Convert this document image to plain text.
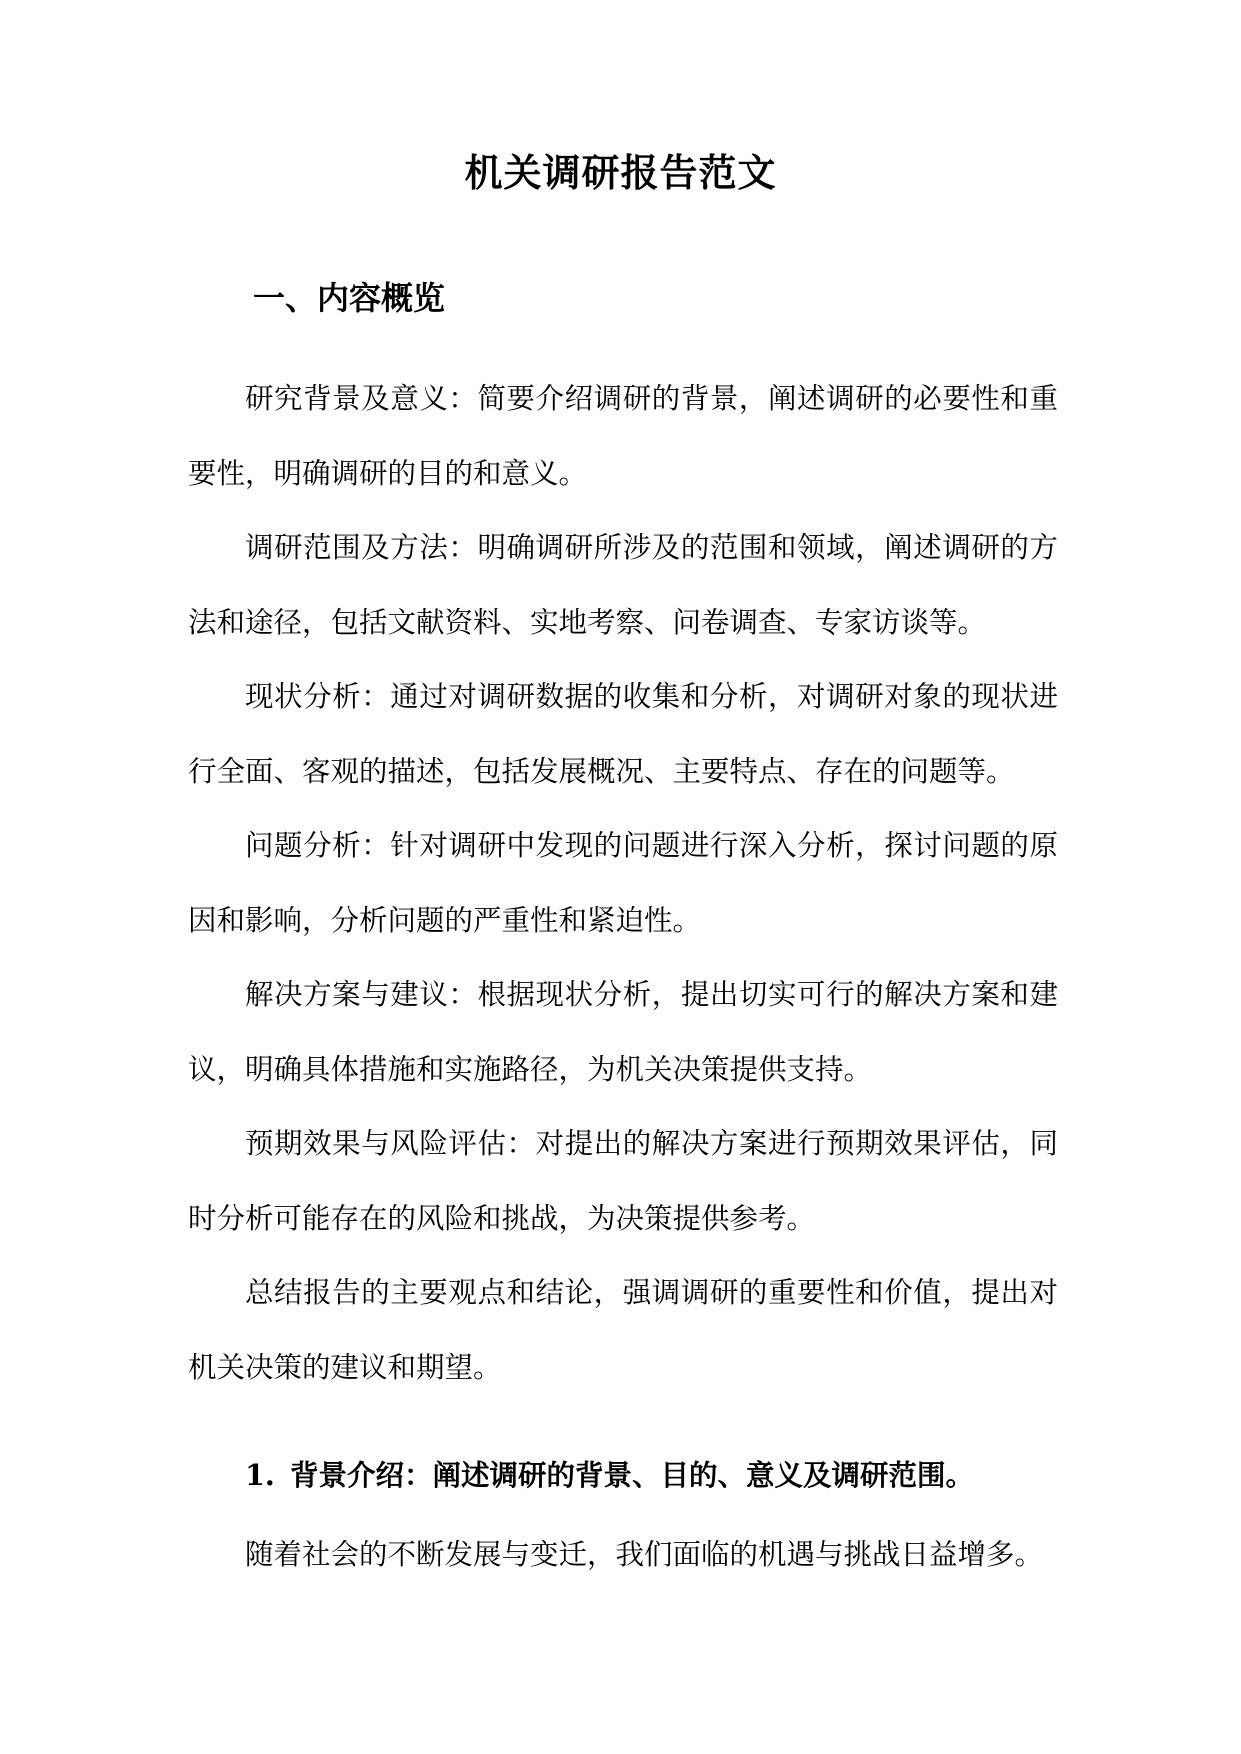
机关调研报告范文
一、内容概览

研究背景及意义：简要介绍调研的背景，阐述调研的必要性和重要性，明确调研的目的和意义。

调研范围及方法：明确调研所涉及的范围和领域，阐述调研的方法和途径，包括文献资料、实地考察、问卷调查、专家访谈等。

现状分析：通过对调研数据的收集和分析，对调研对象的现状进行全面、客观的描述，包括发展概况、主要特点、存在的问题等。

问题分析：针对调研中发现的问题进行深入分析，探讨问题的原因和影响，分析问题的严重性和紧迫性。

解决方案与建议：根据现状分析，提出切实可行的解决方案和建议，明确具体措施和实施路径，为机关决策提供支持。

预期效果与风险评估：对提出的解决方案进行预期效果评估，同时分析可能存在的风险和挑战，为决策提供参考。

总结报告的主要观点和结论，强调调研的重要性和价值，提出对机关决策的建议和期望。

1. 背景介绍：阐述调研的背景、目的、意义及调研范围。
随着社会的不断发展与变迁，我们面临的机遇与挑战日益增多。
